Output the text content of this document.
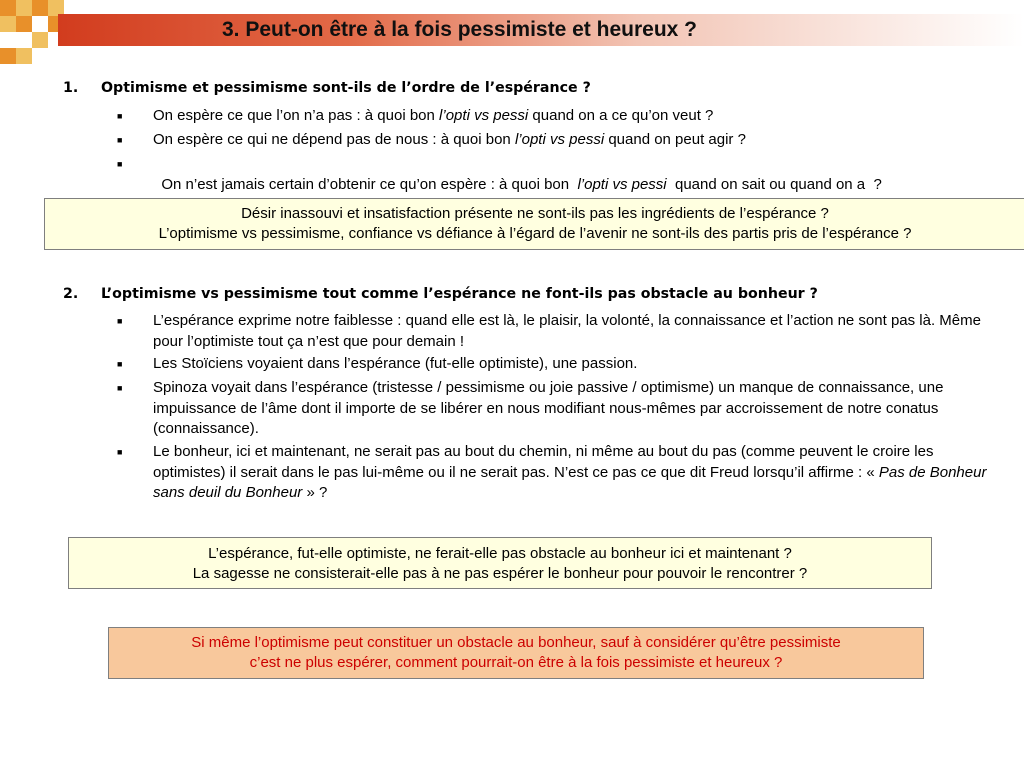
3. Peut-on être à la fois pessimiste et heureux ?
1. Optimisme et pessimisme sont-ils de l’ordre de l’espérance ?
■ On espère ce que l’on n’a pas : à quoi bon l’opti vs pessi quand on a ce qu’on veut ?
■ On espère ce qui ne dépend pas de nous : à quoi bon l’opti vs pessi quand on peut agir ?

■
On n’est jamais certain d’obtenir ce qu’on espère : à quoi bon  l’opti vs pessi  quand on sait ou quand on a  ?

Désir inassouvi et insatisfaction présente ne sont-ils pas les ingrédients de l’espérance ?

L’optimisme vs pessimisme, confiance vs défiance à l’égard de l’avenir ne sont-ils des partis pris de l’espérance ?

2. L’optimisme vs pessimisme tout comme l’espérance ne font-ils pas obstacle au bonheur ?
■ L’espérance exprime notre faiblesse : quand elle est là, le plaisir, la volonté, la connaissance et l’action ne sont pas là. Même pour l’optimiste tout ça n’est que pour demain !
■ Les Stoïciens voyaient dans l’espérance (fut-elle optimiste), une passion.
■ Spinoza voyait dans l’espérance (tristesse / pessimisme ou joie passive / optimisme) un manque de connaissance, une impuissance de l’âme dont il importe de se libérer en nous modifiant nous-mêmes par accroissement de notre conatus (connaissance).
■ Le bonheur, ici et maintenant, ne serait pas au bout du chemin, ni même au bout du pas (comme peuvent le croire les optimistes) il serait dans le pas lui-même ou il ne serait pas. N’est ce pas ce que dit Freud lorsqu’il affirme : « Pas de Bonheur sans deuil du Bonheur » ?

L’espérance, fut-elle optimiste, ne ferait-elle pas obstacle au bonheur ici et maintenant ?

La sagesse ne consisterait-elle pas à ne pas espérer le bonheur pour pouvoir le rencontrer ?

Si même l’optimisme peut constituer un obstacle au bonheur, sauf à considérer qu’être pessimiste

c’est ne plus espérer, comment pourrait-on être à la fois pessimiste et heureux ?
